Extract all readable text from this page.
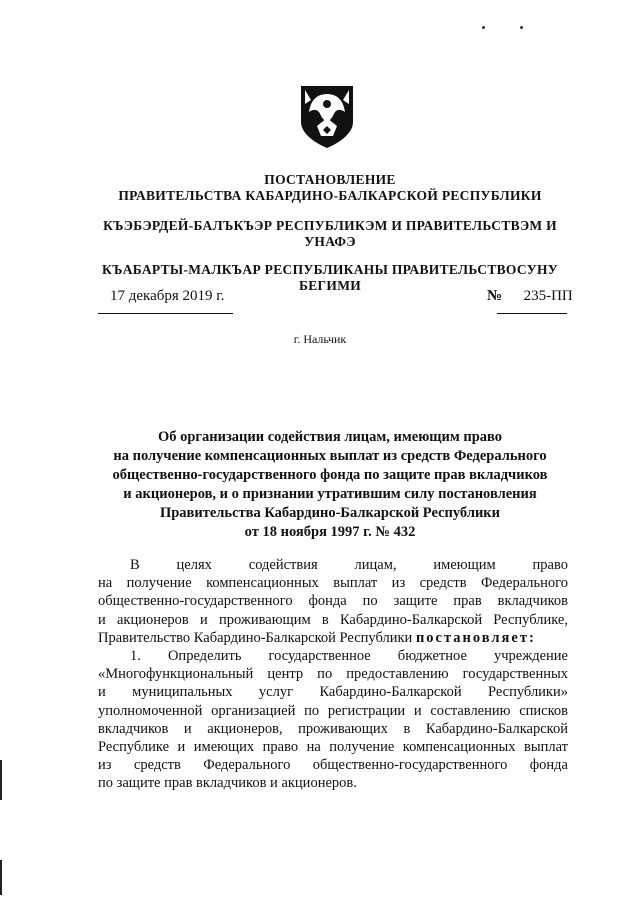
ПОСТАНОВЛЕНИЕ
ПРАВИТЕЛЬСТВА КАБАРДИНО-БАЛКАРСКОЙ РЕСПУБЛИКИ
КЪЭБЭРДЕЙ-БАЛЪКЪЭР РЕСПУБЛИКЭМ И ПРАВИТЕЛЬСТВЭМ И
УНАФЭ
КЪАБАРТЫ-МАЛКЪАР РЕСПУБЛИКАНЫ ПРАВИТЕЛЬСТВОСУНУ
БЕГИМИ
17 декабря 2019 г.	№ 235-ПП
г. Нальчик
Об организации содействия лицам, имеющим право
на получение компенсационных выплат из средств Федерального
общественно-государственного фонда по защите прав вкладчиков
и акционеров, и о признании утратившим силу постановления
Правительства Кабардино-Балкарской Республики
от 18 ноября 1997 г. № 432
В целях содействия лицам, имеющим право
на получение компенсационных выплат из средств Федерального
общественно-государственного фонда по защите прав вкладчиков
и акционеров и проживающим в Кабардино-Балкарской Республике,
Правительство Кабардино-Балкарской Республики постановляет:
1. Определить государственное бюджетное учреждение
«Многофункциональный центр по предоставлению государственных
и муниципальных услуг Кабардино-Балкарской Республики»
уполномоченной организацией по регистрации и составлению списков
вкладчиков и акционеров, проживающих в Кабардино-Балкарской
Республике и имеющих право на получение компенсационных выплат
из средств Федерального общественно-государственного фонда
по защите прав вкладчиков и акционеров.
